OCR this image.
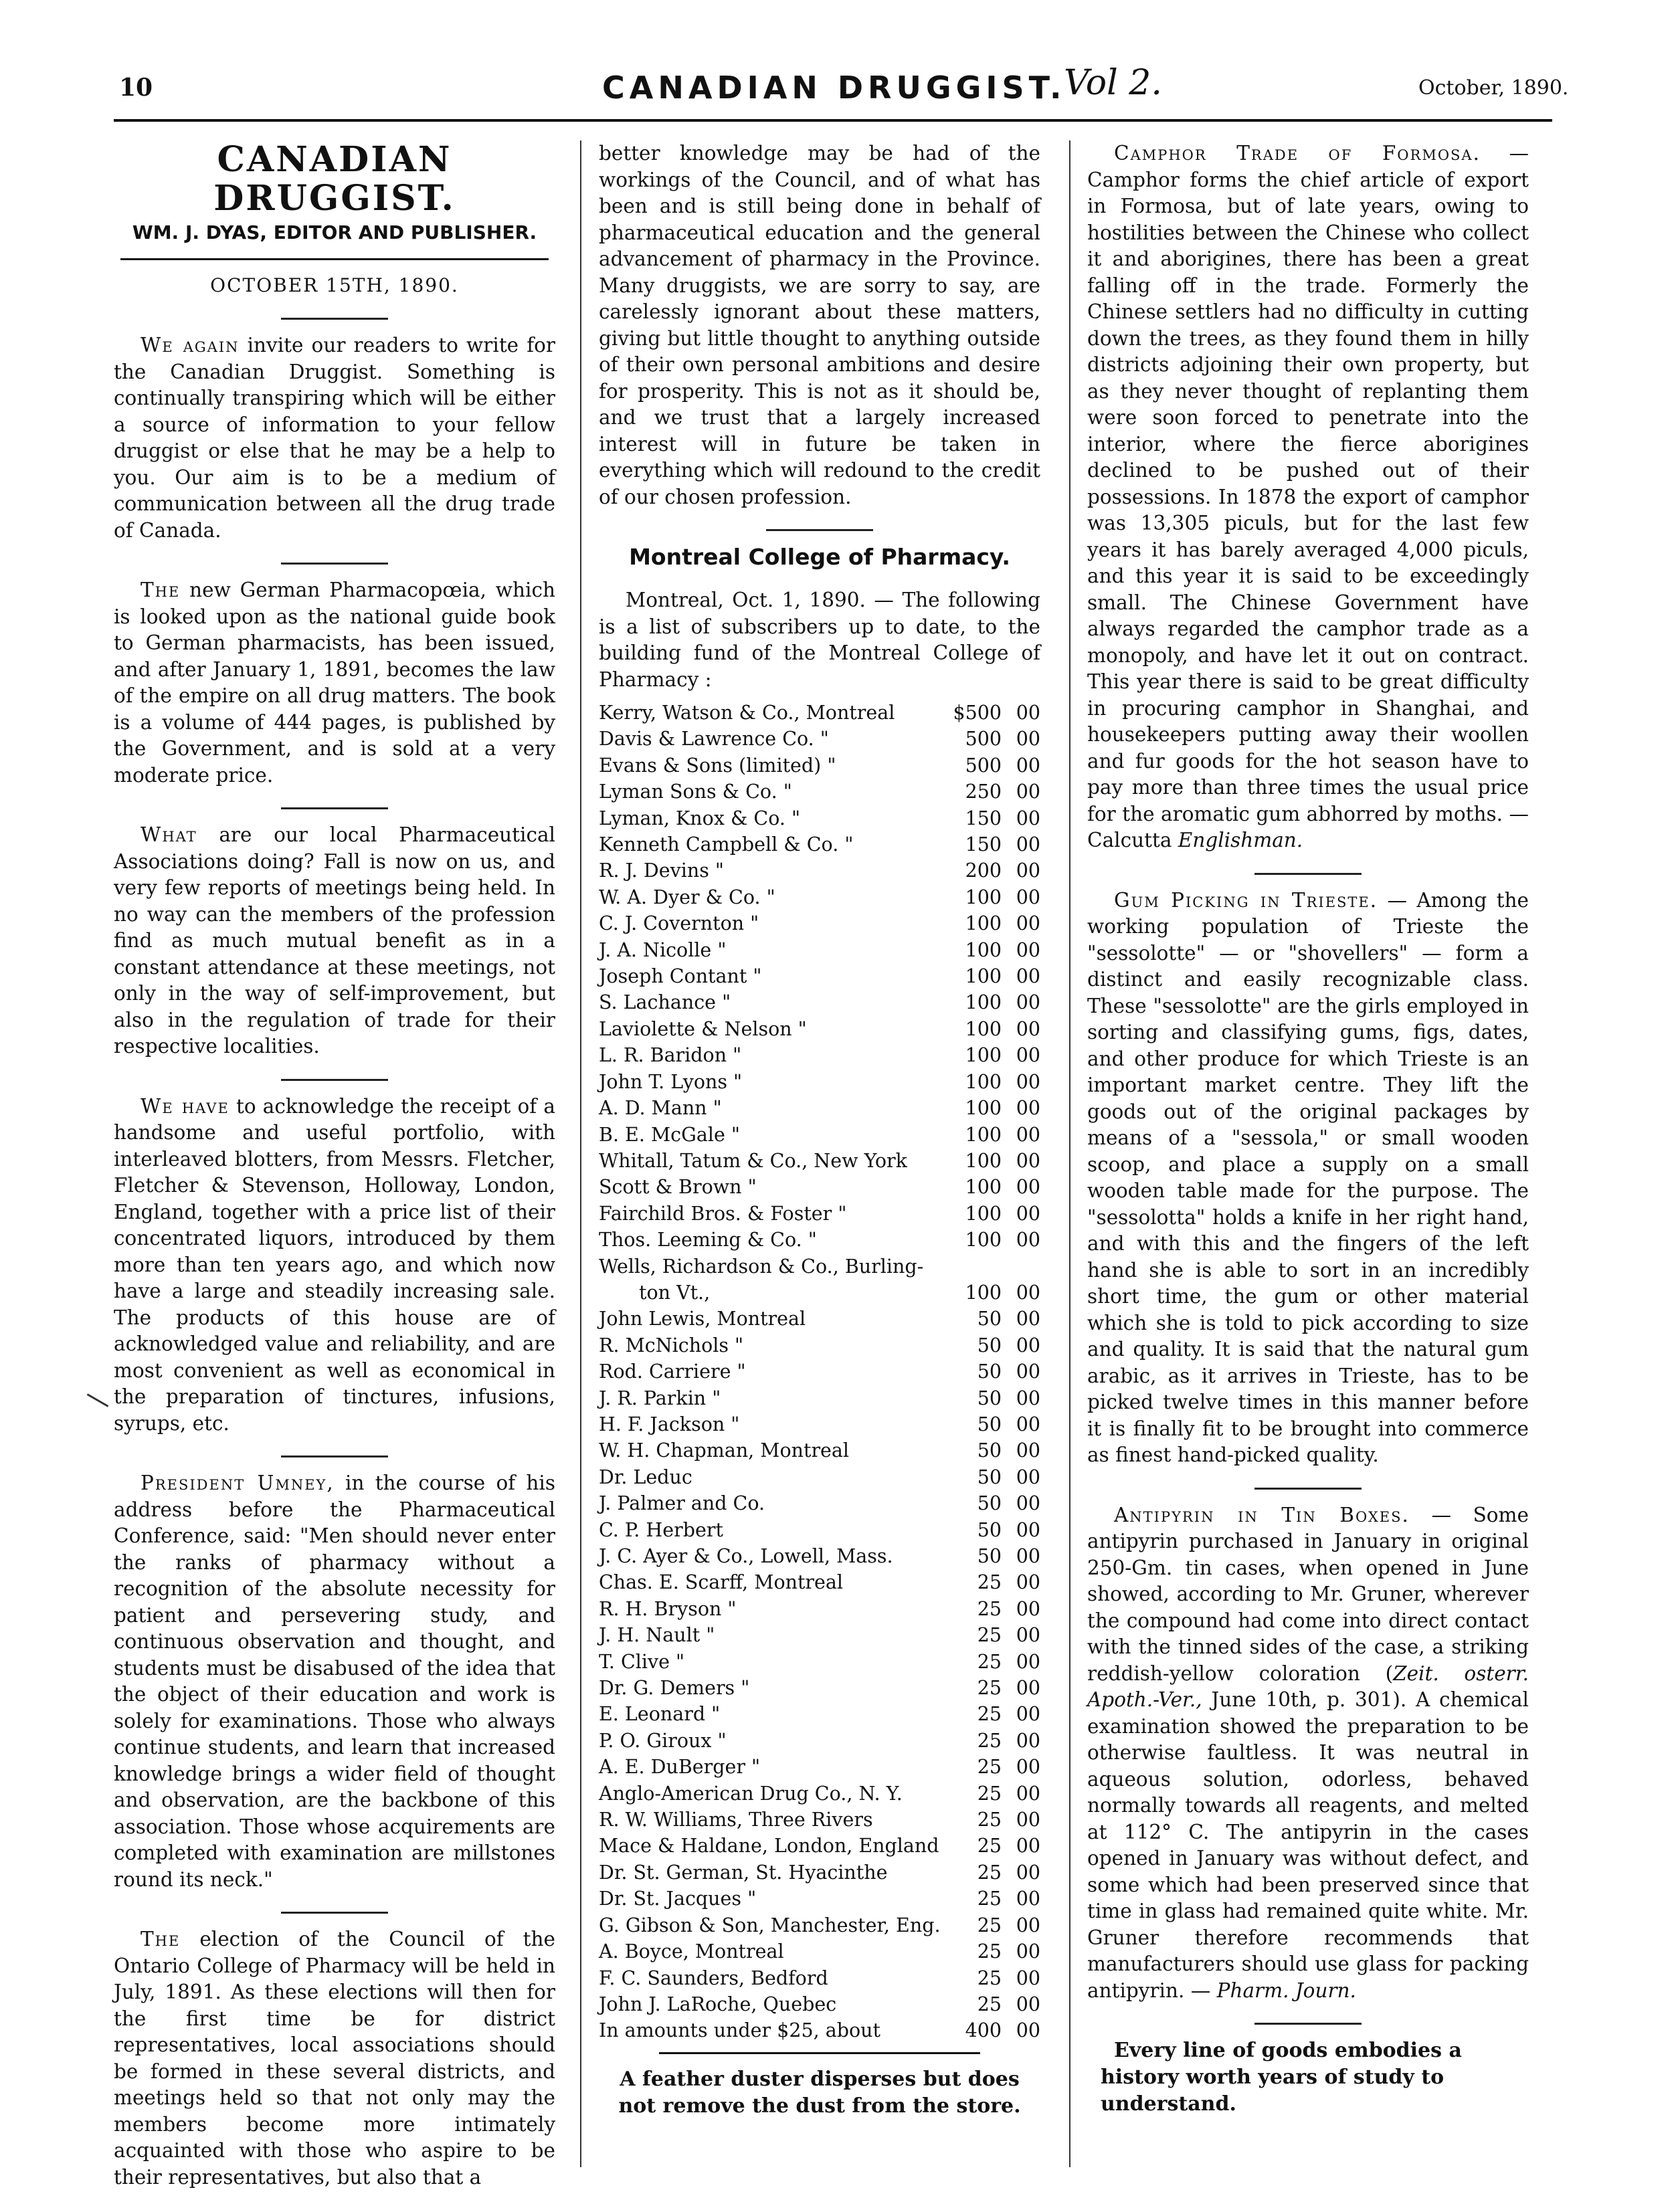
10	CANADIAN DRUGGIST.
Vol 2.	October, 1890.
CANADIAN DRUGGIST.
WM. J. DYAS, EDITOR AND PUBLISHER.
OCTOBER 15TH, 1890.

We again invite our readers to write for the Canadian Druggist. Something is continually transpiring which will be either a source of information to your fellow druggist or else that he may be a help to you. Our aim is to be a medium of communication between all the drug trade of Canada.

The new German Pharmacopœia, which is looked upon as the national guide book to German pharmacists, has been issued, and after January 1, 1891, becomes the law of the empire on all drug matters. The book is a volume of 444 pages, is published by the Government, and is sold at a very moderate price.

What are our local Pharmaceutical Associations doing? Fall is now on us, and very few reports of meetings being held. In no way can the members of the profession find as much mutual benefit as in a constant attendance at these meetings, not only in the way of self-improvement, but also in the regulation of trade for their respective localities.

We have to acknowledge the receipt of a handsome and useful portfolio, with interleaved blotters, from Messrs. Fletcher, Fletcher & Stevenson, Holloway, London, England, together with a price list of their concentrated liquors, introduced by them more than ten years ago, and which now have a large and steadily increasing sale. The products of this house are of acknowledged value and reliability, and are most convenient as well as economical in the preparation of tinctures, infusions, syrups, etc.

President Umney, in the course of his address before the Pharmaceutical Conference, said: "Men should never enter the ranks of pharmacy without a recognition of the absolute necessity for patient and persevering study, and continuous observation and thought, and students must be disabused of the idea that the object of their education and work is solely for examinations. Those who always continue students, and learn that increased knowledge brings a wider field of thought and observation, are the backbone of this association. Those whose acquirements are completed with examination are millstones round its neck."

The election of the Council of the Ontario College of Pharmacy will be held in July, 1891. As these elections will then for the first time be for district representatives, local associations should be formed in these several districts, and meetings held so that not only may the members become more intimately acquainted with those who aspire to be their representatives, but also that a

better knowledge may be had of the workings of the Council, and of what has been and is still being done in behalf of pharmaceutical education and the general advancement of pharmacy in the Province. Many druggists, we are sorry to say, are carelessly ignorant about these matters, giving but little thought to anything outside of their own personal ambitions and desire for prosperity. This is not as it should be, and we trust that a largely increased interest will in future be taken in everything which will redound to the credit of our chosen profession.

Montreal College of Pharmacy.

Montreal, Oct. 1, 1890. — The following is a list of subscribers up to date, to the building fund of the Montreal College of Pharmacy :

Kerry, Watson & Co., Montreal	$500 00
Davis & Lawrence Co. "	500 00
Evans & Sons (limited) "	500 00
Lyman Sons & Co. "	250 00
Lyman, Knox & Co. "	150 00
Kenneth Campbell & Co. "	150 00
R. J. Devins "	200 00
W. A. Dyer & Co. "	100 00
C. J. Covernton "	100 00
J. A. Nicolle "	100 00
Joseph Contant "	100 00
S. Lachance "	100 00
Laviolette & Nelson "	100 00
L. R. Baridon "	100 00
John T. Lyons "	100 00
A. D. Mann "	100 00
B. E. McGale "	100 00
Whitall, Tatum & Co., New York	100 00
Scott & Brown "	100 00
Fairchild Bros. & Foster "	100 00
Thos. Leeming & Co. "	100 00
Wells, Richardson & Co., Burling-
ton Vt.,	100 00
John Lewis, Montreal	50 00
R. McNichols "	50 00
Rod. Carriere "	50 00
J. R. Parkin "	50 00
H. F. Jackson "	50 00
W. H. Chapman, Montreal	50 00
Dr. Leduc	50 00
J. Palmer and Co.	50 00
C. P. Herbert	50 00
J. C. Ayer & Co., Lowell, Mass.	50 00
Chas. E. Scarff, Montreal	25 00
R. H. Bryson "	25 00
J. H. Nault "	25 00
T. Clive "	25 00
Dr. G. Demers "	25 00
E. Leonard "	25 00
P. O. Giroux "	25 00
A. E. DuBerger "	25 00
Anglo-American Drug Co., N. Y.	25 00
R. W. Williams, Three Rivers	25 00
Mace & Haldane, London, England	25 00
Dr. St. German, St. Hyacinthe	25 00
Dr. St. Jacques "	25 00
G. Gibson & Son, Manchester, Eng.	25 00
A. Boyce, Montreal	25 00
F. C. Saunders, Bedford	25 00
John J. LaRoche, Quebec	25 00
In amounts under $25, about	400 00

A feather duster disperses but does not remove the dust from the store.

Camphor Trade of Formosa. — Camphor forms the chief article of export in Formosa, but of late years, owing to hostilities between the Chinese who collect it and aborigines, there has been a great falling off in the trade. Formerly the Chinese settlers had no difficulty in cutting down the trees, as they found them in hilly districts adjoining their own property, but as they never thought of replanting them were soon forced to penetrate into the interior, where the fierce aborigines declined to be pushed out of their possessions. In 1878 the export of camphor was 13,305 piculs, but for the last few years it has barely averaged 4,000 piculs, and this year it is said to be exceedingly small. The Chinese Government have always regarded the camphor trade as a monopoly, and have let it out on contract. This year there is said to be great difficulty in procuring camphor in Shanghai, and housekeepers putting away their woollen and fur goods for the hot season have to pay more than three times the usual price for the aromatic gum abhorred by moths. — Calcutta Englishman.

Gum Picking in Trieste. — Among the working population of Trieste the "sessolotte" — or "shovellers" — form a distinct and easily recognizable class. These "sessolotte" are the girls employed in sorting and classifying gums, figs, dates, and other produce for which Trieste is an important market centre. They lift the goods out of the original packages by means of a "sessola," or small wooden scoop, and place a supply on a small wooden table made for the purpose. The "sessolotta" holds a knife in her right hand, and with this and the fingers of the left hand she is able to sort in an incredibly short time, the gum or other material which she is told to pick according to size and quality. It is said that the natural gum arabic, as it arrives in Trieste, has to be picked twelve times in this manner before it is finally fit to be brought into commerce as finest hand-picked quality.

Antipyrin in Tin Boxes. — Some antipyrin purchased in January in original 250-Gm. tin cases, when opened in June showed, according to Mr. Gruner, wherever the compound had come into direct contact with the tinned sides of the case, a striking reddish-yellow coloration (Zeit. osterr. Apoth.-Ver., June 10th, p. 301). A chemical examination showed the preparation to be otherwise faultless. It was neutral in aqueous solution, odorless, behaved normally towards all reagents, and melted at 112° C. The antipyrin in the cases opened in January was without defect, and some which had been preserved since that time in glass had remained quite white. Mr. Gruner therefore recommends that manufacturers should use glass for packing antipyrin. — Pharm. Journ.

Every line of goods embodies a history worth years of study to understand.
